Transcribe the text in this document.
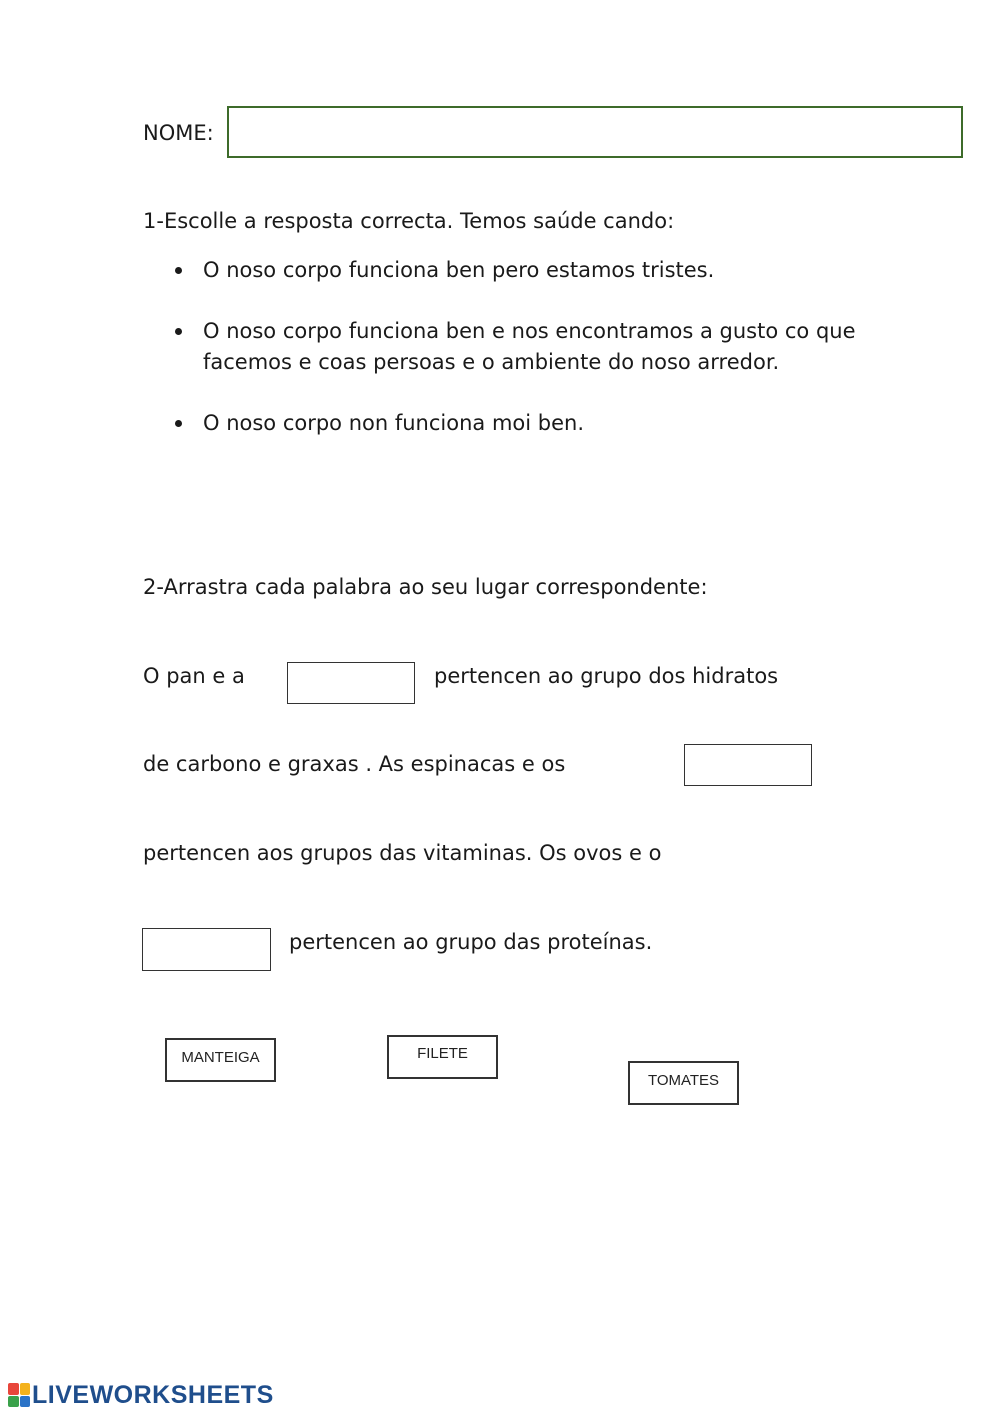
NOME:
1-Escolle a resposta correcta. Temos saúde cando:
O noso corpo funciona ben pero estamos tristes.
O noso corpo funciona ben e nos encontramos a gusto co que facemos e coas persoas e o ambiente do noso arredor.
O noso corpo non funciona moi ben.
2-Arrastra cada palabra ao seu lugar correspondente:
O pan e a	pertencen ao grupo dos hidratos
de carbono e graxas . As espinacas e os
pertencen aos grupos das vitaminas. Os ovos e o
pertencen ao grupo das proteínas.
MANTEIGA	FILETE
TOMATES
LIVEWORKSHEETS
